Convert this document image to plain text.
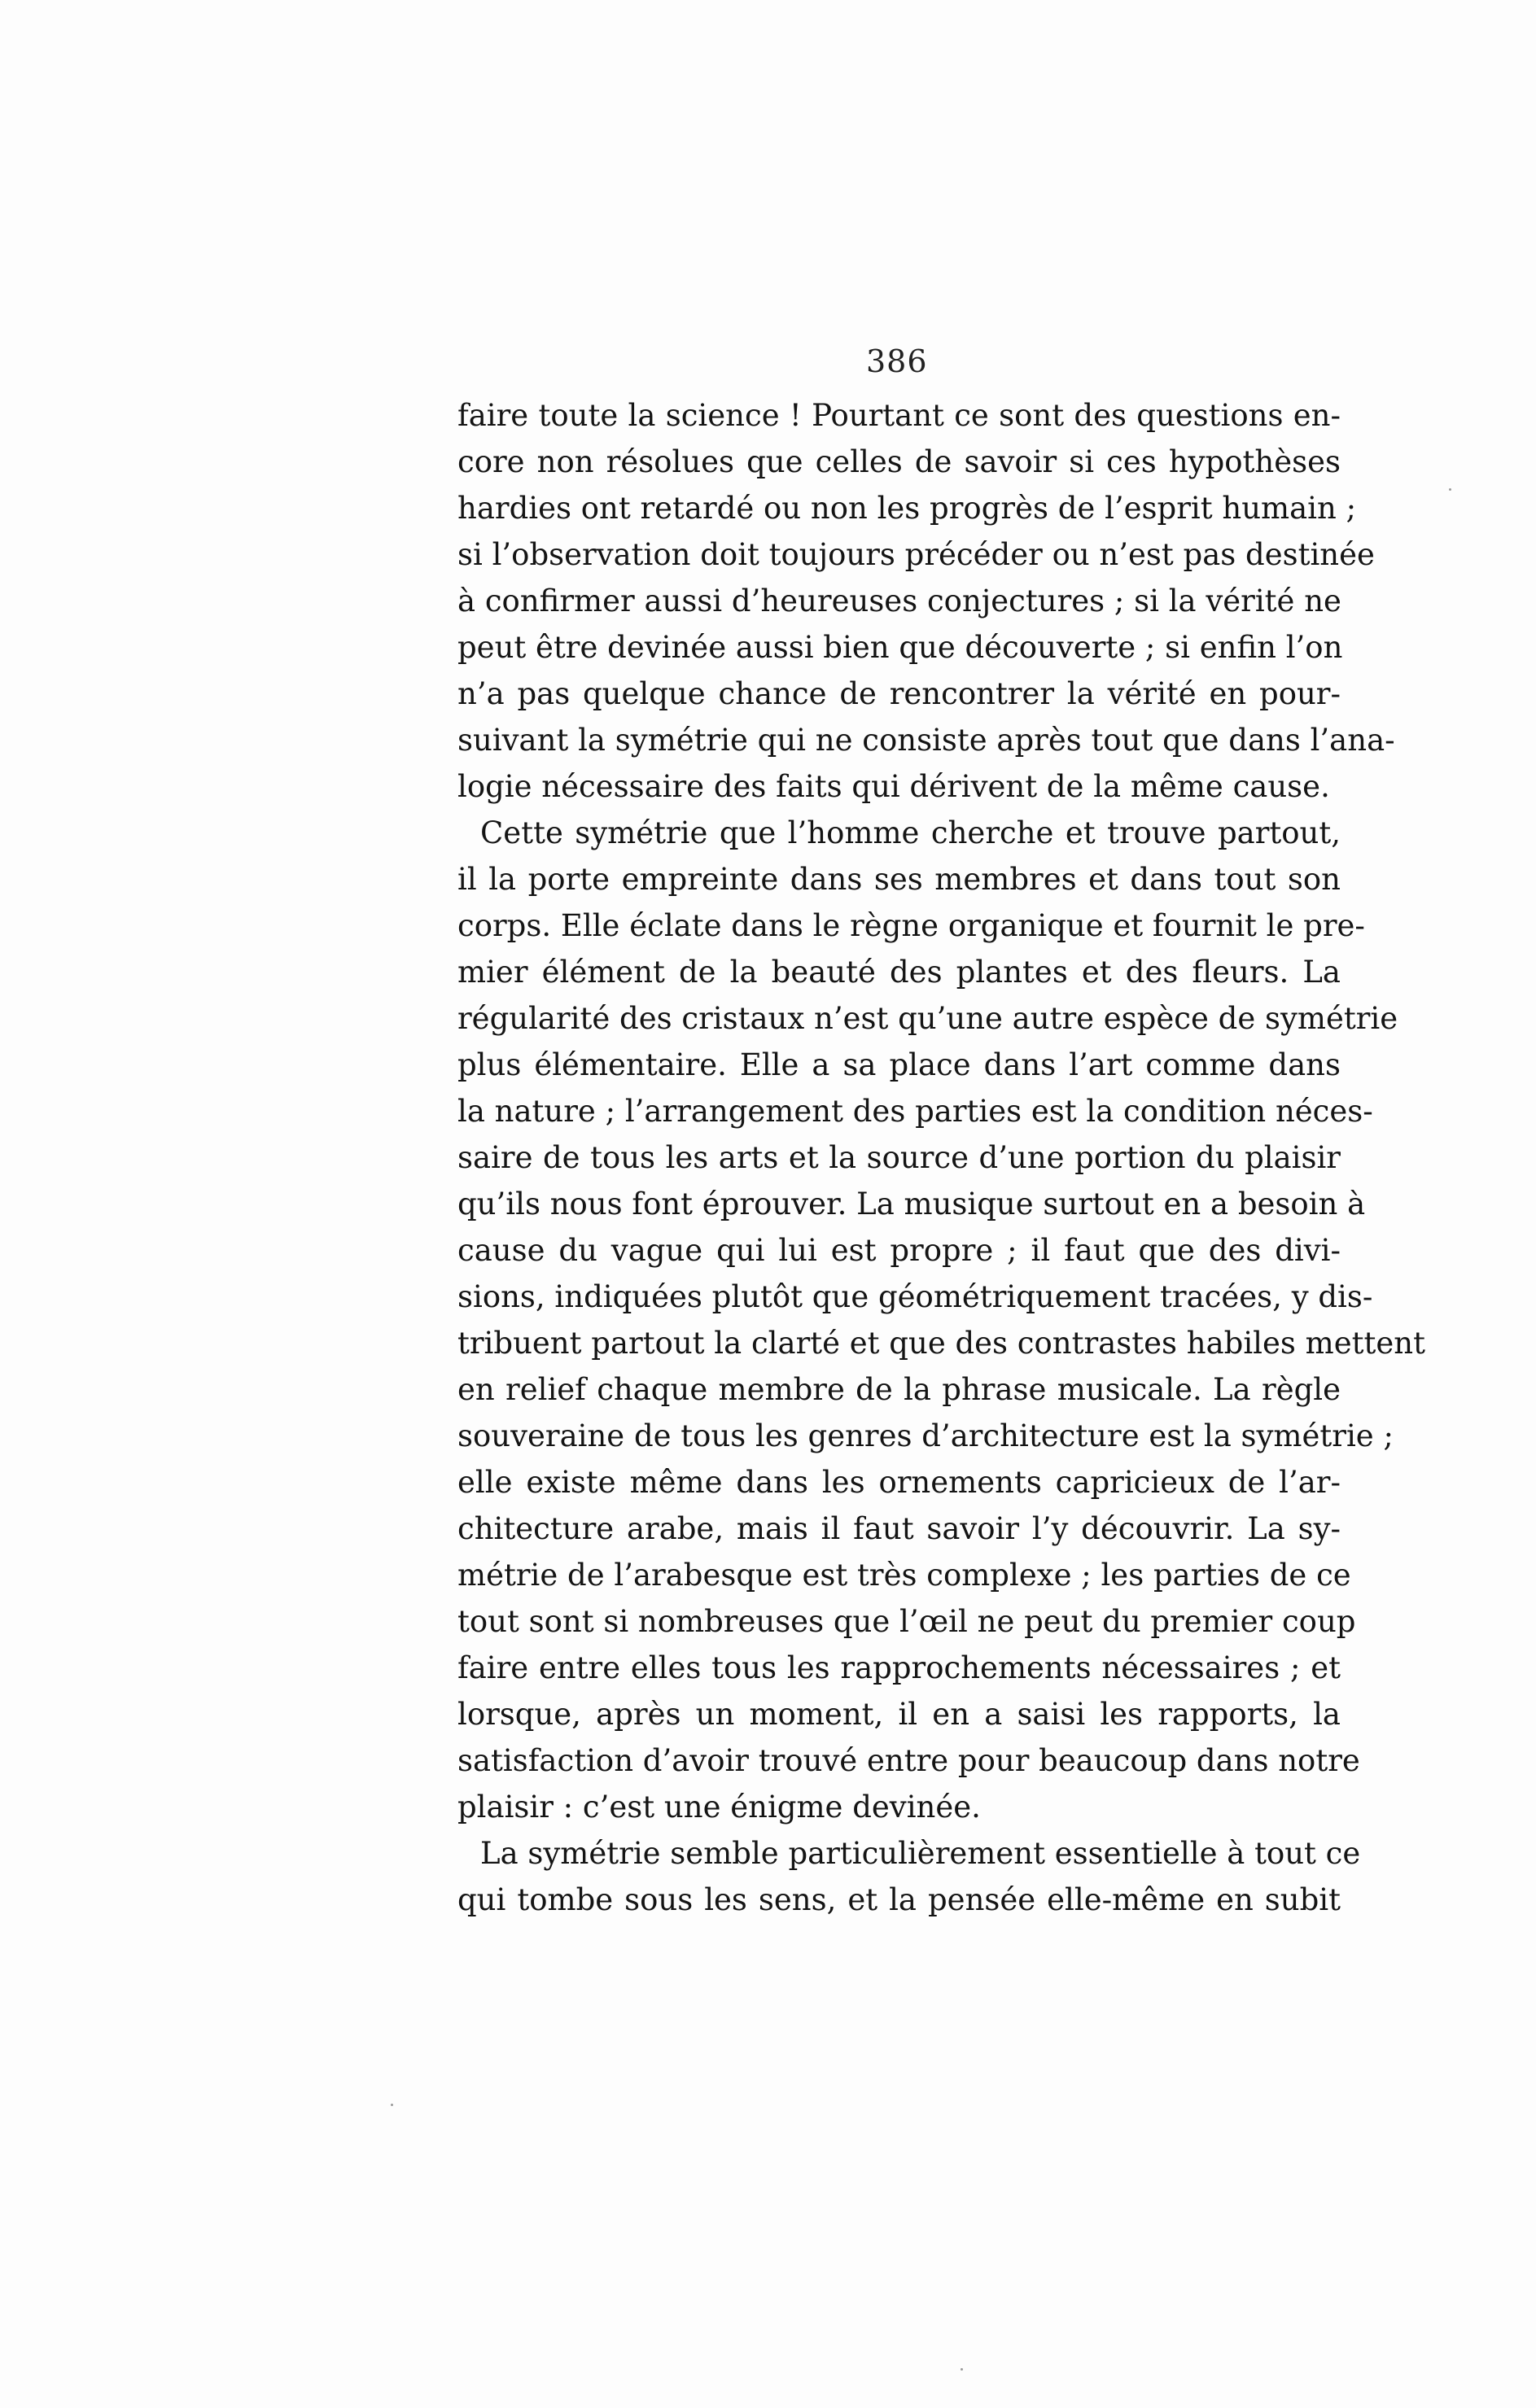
386
faire toute la science ! Pourtant ce sont des questions en-
core non résolues que celles de savoir si ces hypothèses
hardies ont retardé ou non les progrès de l’esprit humain ;
si l’observation doit toujours précéder ou n’est pas destinée
à confirmer aussi d’heureuses conjectures ; si la vérité ne
peut être devinée aussi bien que découverte ; si enfin l’on
n’a pas quelque chance de rencontrer la vérité en pour-
suivant la symétrie qui ne consiste après tout que dans l’ana-
logie nécessaire des faits qui dérivent de la même cause.
Cette symétrie que l’homme cherche et trouve partout,
il la porte empreinte dans ses membres et dans tout son
corps. Elle éclate dans le règne organique et fournit le pre-
mier élément de la beauté des plantes et des fleurs. La
régularité des cristaux n’est qu’une autre espèce de symétrie
plus élémentaire. Elle a sa place dans l’art comme dans
la nature ; l’arrangement des parties est la condition néces-
saire de tous les arts et la source d’une portion du plaisir
qu’ils nous font éprouver. La musique surtout en a besoin à
cause du vague qui lui est propre ; il faut que des divi-
sions, indiquées plutôt que géométriquement tracées, y dis-
tribuent partout la clarté et que des contrastes habiles mettent
en relief chaque membre de la phrase musicale. La règle
souveraine de tous les genres d’architecture est la symétrie ;
elle existe même dans les ornements capricieux de l’ar-
chitecture arabe, mais il faut savoir l’y découvrir. La sy-
métrie de l’arabesque est très complexe ; les parties de ce
tout sont si nombreuses que l’œil ne peut du premier coup
faire entre elles tous les rapprochements nécessaires ; et
lorsque, après un moment, il en a saisi les rapports, la
satisfaction d’avoir trouvé entre pour beaucoup dans notre
plaisir : c’est une énigme devinée.
La symétrie semble particulièrement essentielle à tout ce
qui tombe sous les sens, et la pensée elle-même en subit
